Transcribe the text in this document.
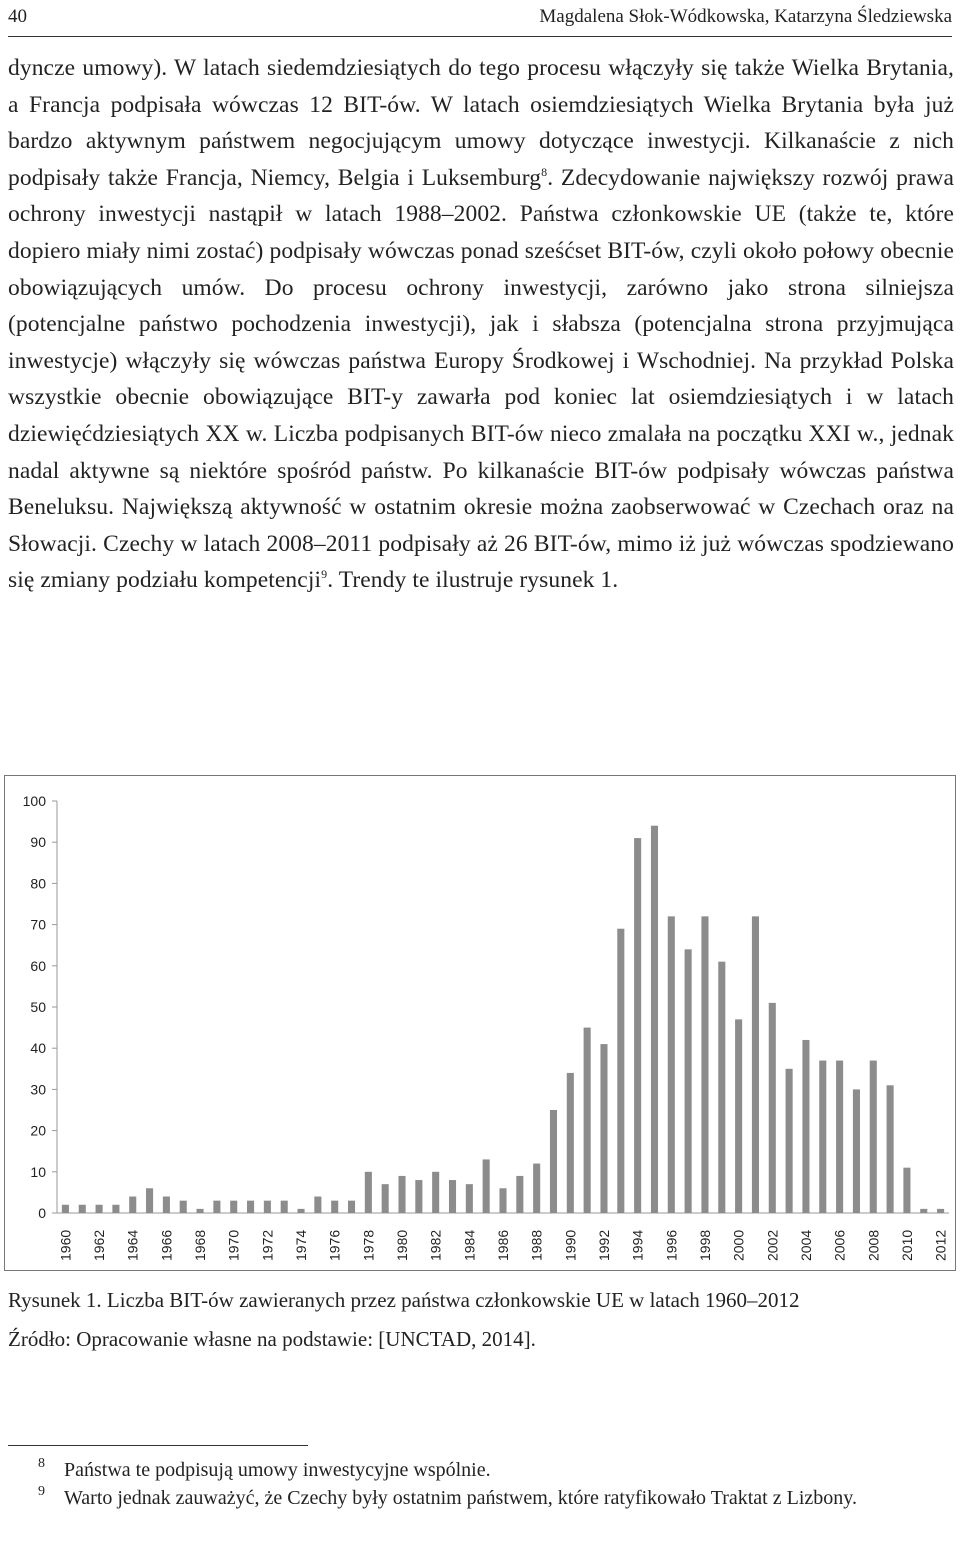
40	Magdalena Słok-Wódkowska, Katarzyna Śledziewska

dyncze umowy). W latach siedemdziesiątych do tego procesu włączyły się także Wielka Brytania, a Francja podpisała wówczas 12 BIT-ów. W latach osiemdziesiątych Wielka Brytania była już bardzo aktywnym państwem negocjującym umowy dotyczące inwestycji. Kilkanaście z nich podpisały także Francja, Niemcy, Belgia i Luksemburg$^8$. Zdecydowanie największy rozwój prawa ochrony inwestycji nastąpił w latach 1988–2002. Państwa członkowskie UE (także te, które dopiero miały nimi zostać) podpisały wówczas ponad sześćset BIT-ów, czyli około połowy obecnie obowiązujących umów. Do procesu ochrony inwestycji, zarówno jako strona silniejsza (potencjalne państwo pochodzenia inwestycji), jak i słabsza (potencjalna strona przyjmująca inwestycje) włączyły się wówczas państwa Europy Środkowej i Wschodniej. Na przykład Polska wszystkie obecnie obowiązujące BIT-y zawarła pod koniec lat osiemdziesiątych i w latach dziewięćdziesiątych XX w. Liczba podpisanych BIT-ów nieco zmalała na początku XXI w., jednak nadal aktywne są niektóre spośród państw. Po kilkanaście BIT-ów podpisały wówczas państwa Beneluksu. Największą aktywność w ostatnim okresie można zaobserwować w Czechach oraz na Słowacji. Czechy w latach 2008–2011 podpisały aż 26 BIT-ów, mimo iż już wówczas spodziewano się zmiany podziału kompetencji$^9$. Trendy te ilustruje rysunek 1.

0
10
20
30
40
50
60
70
80
90
100
1960 1962 1964 1966 1968 1970 1972 1974 1976 1978 1980 1982 1984 1986 1988 1990 1992 1994 1996 1998 2000 2002 2004 2006 2008 2010 2012
Rysunek 1. Liczba BIT-ów zawieranych przez państwa członkowskie UE w latach 1960–2012
Źródło: Opracowanie własne na podstawie: [UNCTAD, 2014].
8 Państwa te podpisują umowy inwestycyjne wspólnie.
9 Warto jednak zauważyć, że Czechy były ostatnim państwem, które ratyfikowało Traktat z Lizbony.
